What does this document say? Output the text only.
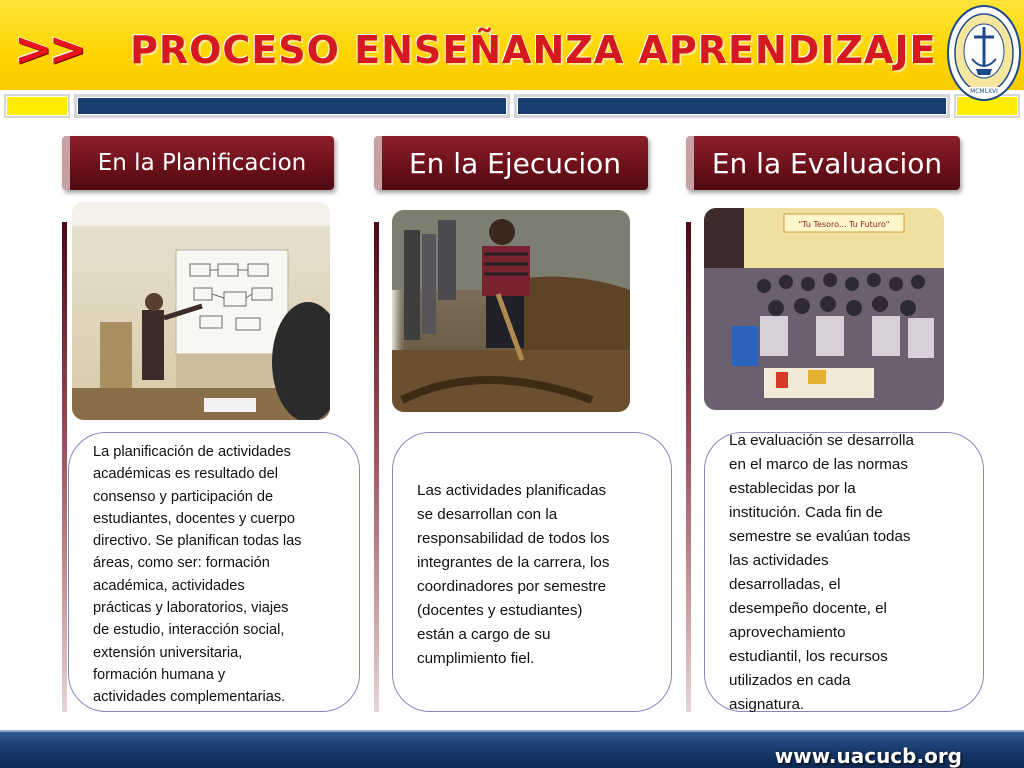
>> PROCESO ENSEÑANZA APRENDIZAJE
MCMLXVI
En la Planificacion	En la Ejecucion	En la Evaluacion
"Tu Tesoro... Tu Futuro"

La planificación de actividades
académicas es resultado del
consenso y participación de
estudiantes, docentes y cuerpo
directivo. Se planifican todas las
áreas, como ser: formación
académica, actividades
prácticas y laboratorios, viajes
de estudio, interacción social,
extensión universitaria,
formación humana y
actividades complementarias.

Las actividades planificadas
se desarrollan con la
responsabilidad de todos los
integrantes de la carrera, los
coordinadores por semestre
(docentes y estudiantes)
están a cargo de su
cumplimiento fiel.

La evaluación se desarrolla
en el marco de las normas
establecidas por la
institución. Cada fin de
semestre se evalúan todas
las actividades
desarrolladas, el
desempeño docente, el
aprovechamiento
estudiantil, los recursos
utilizados en cada
asignatura.

www.uacucb.org
